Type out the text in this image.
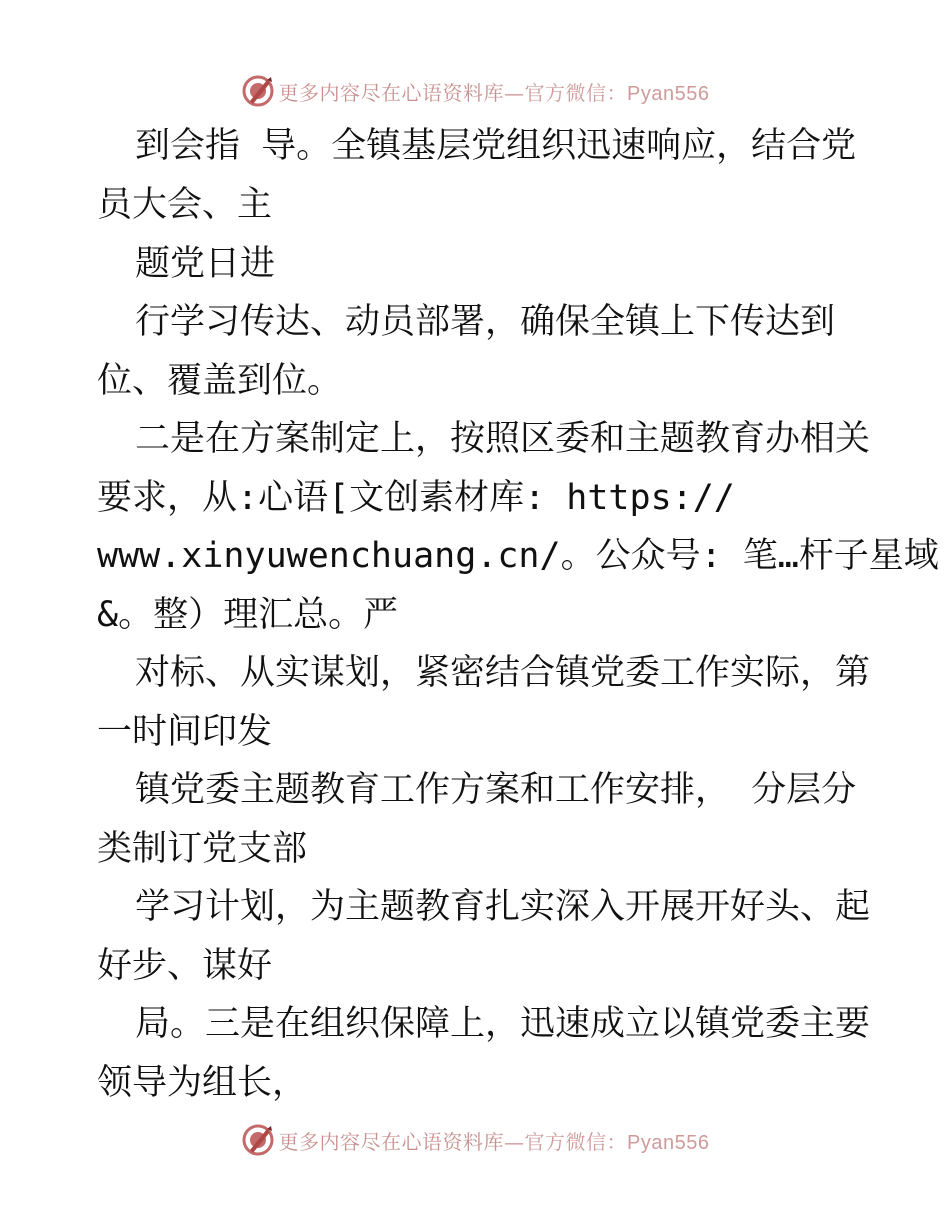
更多内容尽在心语资料库—官方微信：Pyan556
到会指 导。全镇基层党组织迅速响应，结合党
员大会、主
题党日进
行学习传达、动员部署，确保全镇上下传达到
位、覆盖到位。
二是在方案制定上，按照区委和主题教育办相关
要求，从:心语[文创素材库: https://
www.xinyuwenchuang.cn/。公众号: 笔…杆子星域
&。整）理汇总。严
对标、从实谋划，紧密结合镇党委工作实际，第
一时间印发
镇党委主题教育工作方案和工作安排， 分层分
类制订党支部
学习计划，为主题教育扎实深入开展开好头、起
好步、谋好
局。三是在组织保障上，迅速成立以镇党委主要
领导为组长，
更多内容尽在心语资料库—官方微信：Pyan556
